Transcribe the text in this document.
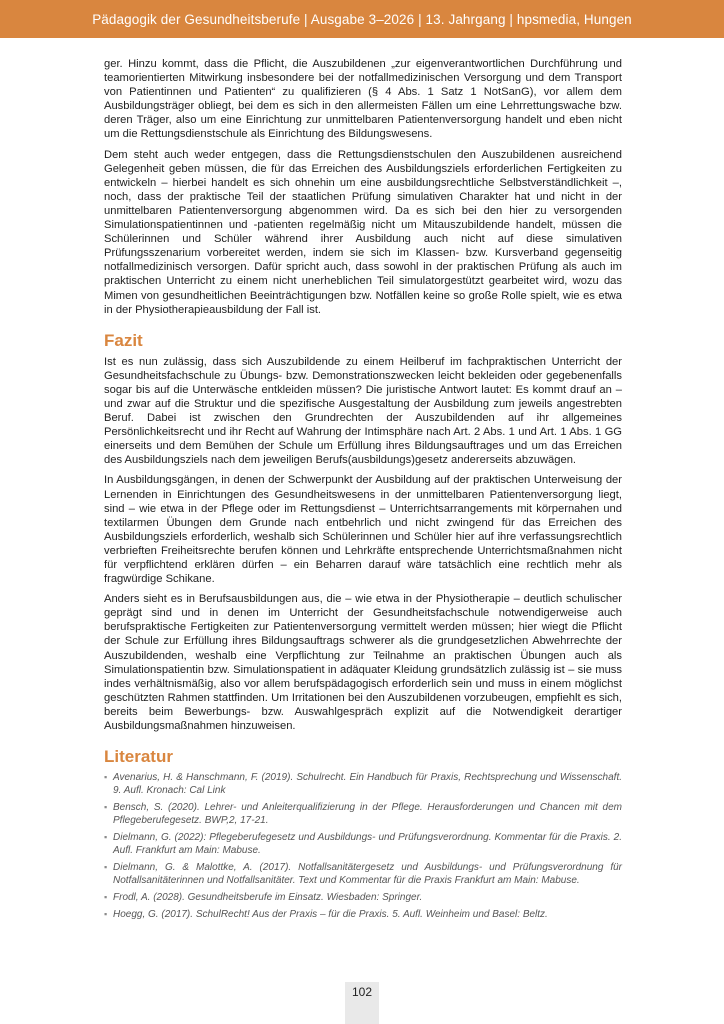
Pädagogik der Gesundheitsberufe | Ausgabe 3–2026 | 13. Jahrgang | hpsmedia, Hungen

ger. Hinzu kommt, dass die Pflicht, die Auszubildenen „zur eigenverantwortlichen Durchführung und teamorientierten Mitwirkung insbesondere bei der notfallmedizinischen Versorgung und dem Transport von Patientinnen und Patienten“ zu qualifizieren (§ 4 Abs. 1 Satz 1 NotSanG), vor allem dem Ausbildungsträger obliegt, bei dem es sich in den allermeisten Fällen um eine Lehrrettungswache bzw. deren Träger, also um eine Einrichtung zur unmittelbaren Patientenversorgung handelt und eben nicht um die Rettungsdienstschule als Einrichtung des Bildungswesens.

Dem steht auch weder entgegen, dass die Rettungsdienstschulen den Auszubildenen ausreichend Gelegenheit geben müssen, die für das Erreichen des Ausbildungsziels erforderlichen Fertigkeiten zu entwickeln – hierbei handelt es sich ohnehin um eine ausbildungsrechtliche Selbstverständlichkeit –, noch, dass der praktische Teil der staatlichen Prüfung simulativen Charakter hat und nicht in der unmittelbaren Patientenversorgung abgenommen wird. Da es sich bei den hier zu versorgenden Simulationspatientinnen und -patienten regelmäßig nicht um Mitauszubildende handelt, müssen die Schülerinnen und Schüler während ihrer Ausbildung auch nicht auf diese simulativen Prüfungsszenarium vorbereitet werden, indem sie sich im Klassen- bzw. Kursverband gegenseitig notfallmedizinisch versorgen. Dafür spricht auch, dass sowohl in der praktischen Prüfung als auch im praktischen Unterricht zu einem nicht unerheblichen Teil simulatorgestützt gearbeitet wird, wozu das Mimen von gesundheitlichen Beeinträchtigungen bzw. Notfällen keine so große Rolle spielt, wie es etwa in der Physiotherapieausbildung der Fall ist.

Fazit

Ist es nun zulässig, dass sich Auszubildende zu einem Heilberuf im fachpraktischen Unterricht der Gesundheitsfachschule zu Übungs- bzw. Demonstrationszwecken leicht bekleiden oder gegebenenfalls sogar bis auf die Unterwäsche entkleiden müssen? Die juristische Antwort lautet: Es kommt drauf an – und zwar auf die Struktur und die spezifische Ausgestaltung der Ausbildung zum jeweils angestrebten Beruf. Dabei ist zwischen den Grundrechten der Auszubildenden auf ihr allgemeines Persönlichkeitsrecht und ihr Recht auf Wahrung der Intimsphäre nach Art. 2 Abs. 1 und Art. 1 Abs. 1 GG einerseits und dem Bemühen der Schule um Erfüllung ihres Bildungsauftrages und um das Erreichen des Ausbildungsziels nach dem jeweiligen Berufs(ausbildungs)gesetz andererseits abzuwägen.

In Ausbildungsgängen, in denen der Schwerpunkt der Ausbildung auf der praktischen Unterweisung der Lernenden in Einrichtungen des Gesundheitswesens in der unmittelbaren Patientenversorgung liegt, sind – wie etwa in der Pflege oder im Rettungsdienst – Unterrichtsarrangements mit körpernahen und textilarmen Übungen dem Grunde nach entbehrlich und nicht zwingend für das Erreichen des Ausbildungsziels erforderlich, weshalb sich Schülerinnen und Schüler hier auf ihre verfassungsrechtlich verbrieften Freiheitsrechte berufen können und Lehrkräfte entsprechende Unterrichtsmaßnahmen nicht für verpflichtend erklären dürfen – ein Beharren darauf wäre tatsächlich eine rechtlich mehr als fragwürdige Schikane.

Anders sieht es in Berufsausbildungen aus, die – wie etwa in der Physiotherapie – deutlich schulischer geprägt sind und in denen im Unterricht der Gesundheitsfachschule notwendigerweise auch berufspraktische Fertigkeiten zur Patientenversorgung vermittelt werden müssen; hier wiegt die Pflicht der Schule zur Erfüllung ihres Bildungsauftrags schwerer als die grundgesetzlichen Abwehrrechte der Auszubildenden, weshalb eine Verpflichtung zur Teilnahme an praktischen Übungen auch als Simulationspatientin bzw. Simulationspatient in adäquater Kleidung grundsätzlich zulässig ist – sie muss indes verhältnismäßig, also vor allem berufspädagogisch erforderlich sein und muss in einem möglichst geschützten Rahmen stattfinden. Um Irritationen bei den Auszubildenen vorzubeugen, empfiehlt es sich, bereits beim Bewerbungs- bzw. Auswahlgespräch explizit auf die Notwendigkeit derartiger Ausbildungsmaßnahmen hinzuweisen.

Literatur
▪ Avenarius, H. & Hanschmann, F. (2019). Schulrecht. Ein Handbuch für Praxis, Rechtsprechung und Wissenschaft. 9. Aufl. Kronach: Cal Link
▪ Bensch, S. (2020). Lehrer- und Anleiterqualifizierung in der Pflege. Herausforderungen und Chancen mit dem Pflegeberufegesetz. BWP,2, 17-21.
▪ Dielmann, G. (2022): Pflegeberufegesetz und Ausbildungs- und Prüfungsverordnung. Kommentar für die Praxis. 2. Aufl. Frankfurt am Main: Mabuse.
▪ Dielmann, G. & Malottke, A. (2017). Notfallsanitätergesetz und Ausbildungs- und Prüfungsverordnung für Notfallsanitäterinnen und Notfallsanitäter. Text und Kommentar für die Praxis Frankfurt am Main: Mabuse.
▪ Frodl, A. (2028). Gesundheitsberufe im Einsatz. Wiesbaden: Springer.
▪ Hoegg, G. (2017). SchulRecht! Aus der Praxis – für die Praxis. 5. Aufl. Weinheim und Basel: Beltz.
102
